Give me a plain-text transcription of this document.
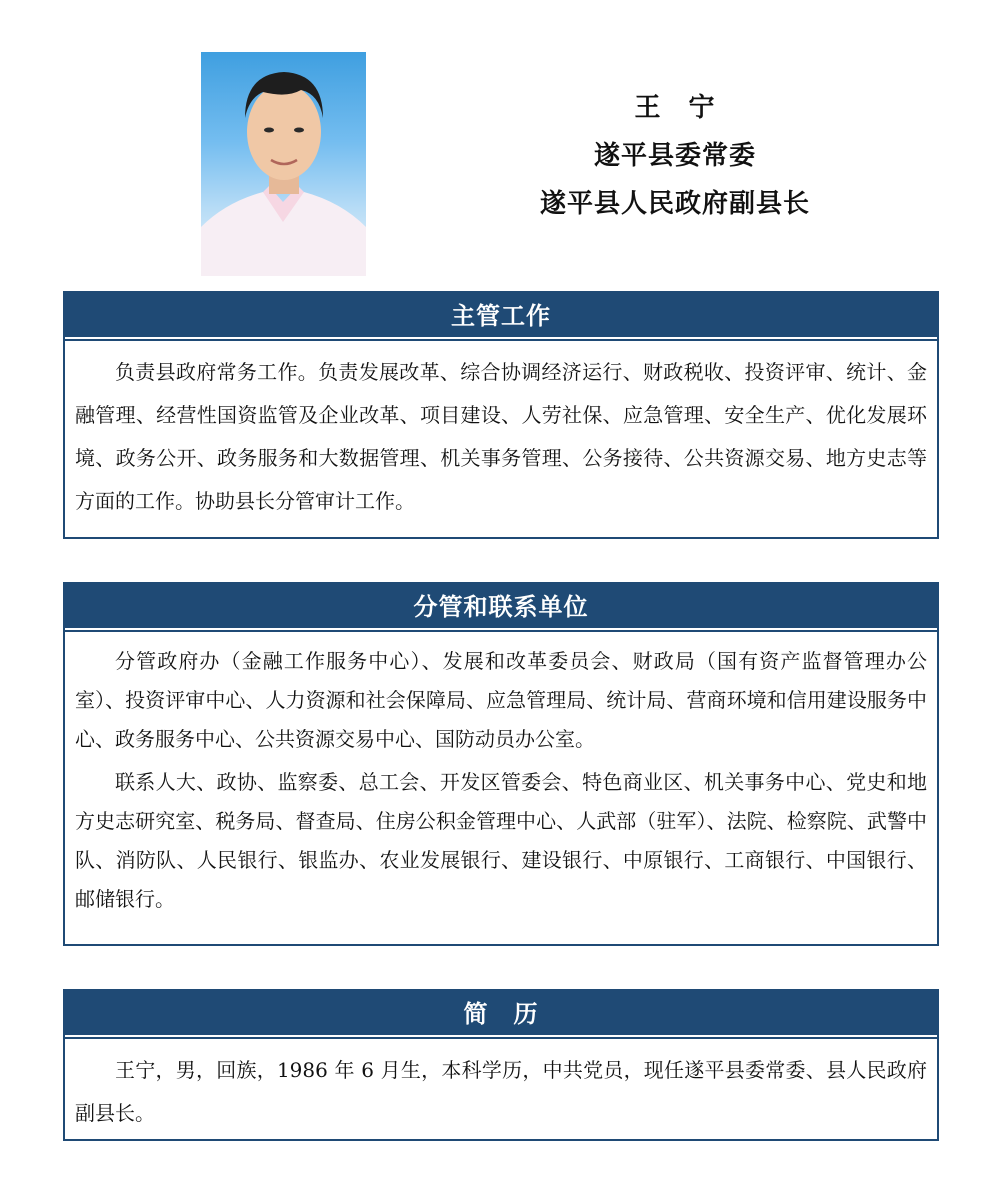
王　宁
遂平县委常委
遂平县人民政府副县长
主管工作

负责县政府常务工作。负责发展改革、综合协调经济运行、财政税收、投资评审、统计、金融管理、经营性国资监管及企业改革、项目建设、人劳社保、应急管理、安全生产、优化发展环境、政务公开、政务服务和大数据管理、机关事务管理、公务接待、公共资源交易、地方史志等方面的工作。协助县长分管审计工作。

分管和联系单位

分管政府办（金融工作服务中心）、发展和改革委员会、财政局（国有资产监督管理办公室）、投资评审中心、人力资源和社会保障局、应急管理局、统计局、营商环境和信用建设服务中心、政务服务中心、公共资源交易中心、国防动员办公室。

联系人大、政协、监察委、总工会、开发区管委会、特色商业区、机关事务中心、党史和地方史志研究室、税务局、督查局、住房公积金管理中心、人武部（驻军）、法院、检察院、武警中队、消防队、人民银行、银监办、农业发展银行、建设银行、中原银行、工商银行、中国银行、邮储银行。

简　历

王宁，男，回族，1986 年 6 月生，本科学历，中共党员，现任遂平县委常委、县人民政府副县长。
